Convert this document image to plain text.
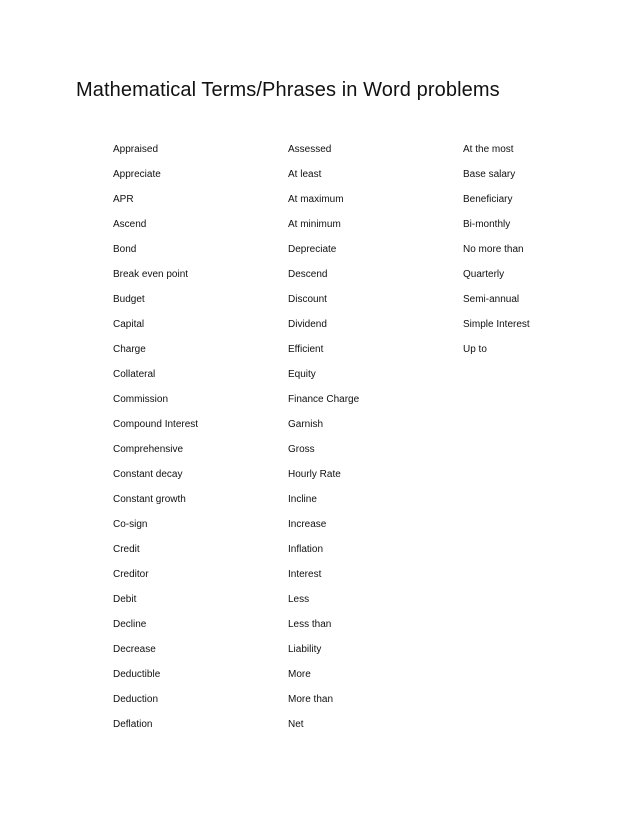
Mathematical Terms/Phrases in Word problems
Appraised
Appreciate
APR
Ascend
Bond
Break even point
Budget
Capital
Charge
Collateral
Commission
Compound Interest
Comprehensive
Constant decay
Constant growth
Co-sign
Credit
Creditor
Debit
Decline
Decrease
Deductible
Deduction
Deflation
Assessed
At least
At maximum
At minimum
Depreciate
Descend
Discount
Dividend
Efficient
Equity
Finance Charge
Garnish
Gross
Hourly Rate
Incline
Increase
Inflation
Interest
Less
Less than
Liability
More
More than
Net
At the most
Base salary
Beneficiary
Bi-monthly
No more than
Quarterly
Semi-annual
Simple Interest
Up to
